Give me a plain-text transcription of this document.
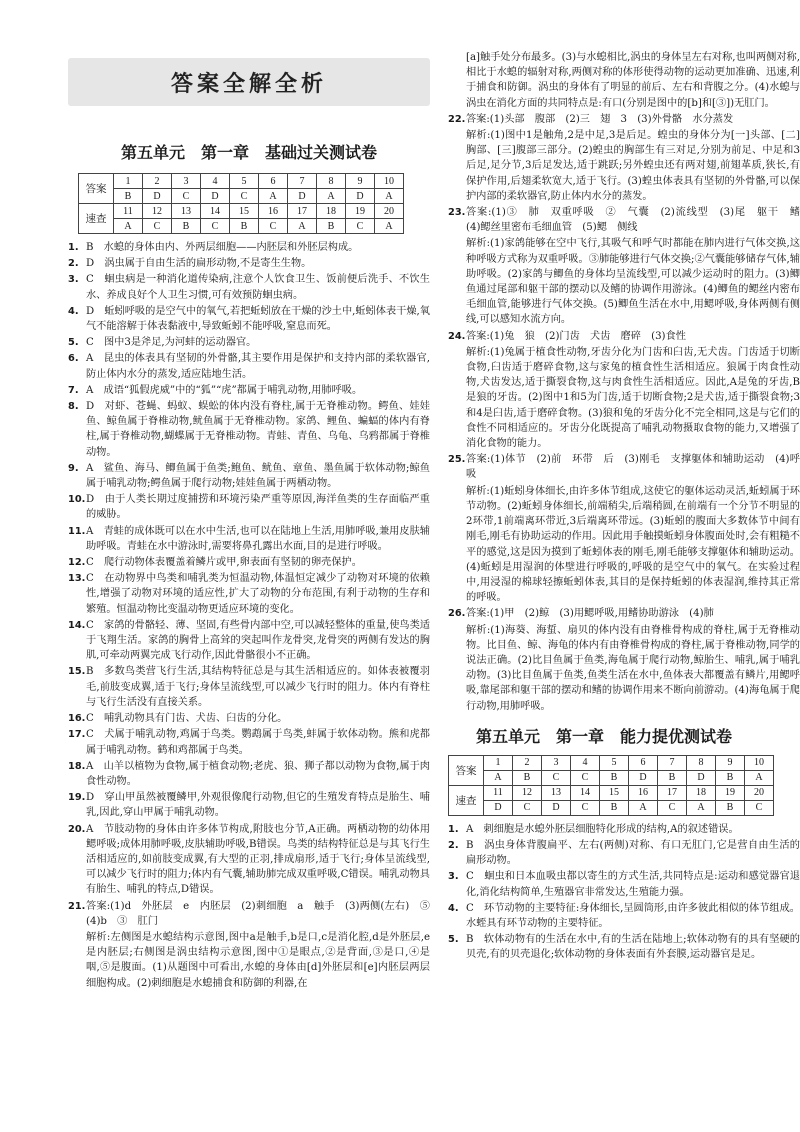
答案全解全析
第五单元　第一章　基础过关测试卷
答案	1	2	3	4	5	6	7	8	9	10
	B	D	C	D	C	A	D	A	D	A
速查	11	12	13	14	15	16	17	18	19	20
	A	C	B	C	B	C	A	B	C	A
1. B　水螅的身体由内、外两层细胞——内胚层和外胚层构成。
2. D　涡虫属于自由生活的扁形动物,不是寄生生物。
3. C　蛔虫病是一种消化道传染病,注意个人饮食卫生、饭前便后洗手、不饮生水、养成良好个人卫生习惯,可有效预防蛔虫病。
4. D　蚯蚓呼吸的是空气中的氧气,若把蚯蚓放在干燥的沙土中,蚯蚓体表干燥,氧气不能溶解于体表黏液中,导致蚯蚓不能呼吸,窒息而死。
5. C　图中3是斧足,为河蚌的运动器官。
6. A　昆虫的体表具有坚韧的外骨骼,其主要作用是保护和支持内部的柔软器官,防止体内水分的蒸发,适应陆地生活。
7. A　成语“狐假虎威”中的“狐”“虎”都属于哺乳动物,用肺呼吸。
8. D　对虾、苍蝇、蚂蚁、蜈蚣的体内没有脊柱,属于无脊椎动物。鳄鱼、娃娃鱼、鲸鱼属于脊椎动物,鱿鱼属于无脊椎动物。家鸽、鲤鱼、蝙蝠的体内有脊柱,属于脊椎动物,蝴蝶属于无脊椎动物。青蛙、青鱼、乌龟、乌鸦都属于脊椎动物。
9. A　鲨鱼、海马、鲫鱼属于鱼类;鲍鱼、鱿鱼、章鱼、墨鱼属于软体动物;鲸鱼属于哺乳动物;鳄鱼属于爬行动物;娃娃鱼属于两栖动物。
10. D　由于人类长期过度捕捞和环境污染严重等原因,海洋鱼类的生存面临严重的威胁。
11. A　青蛙的成体既可以在水中生活,也可以在陆地上生活,用肺呼吸,兼用皮肤辅助呼吸。青蛙在水中游泳时,需要将鼻孔露出水面,目的是进行呼吸。
12. C　爬行动物体表覆盖着鳞片或甲,卵表面有坚韧的卵壳保护。
13. C　在动物界中鸟类和哺乳类为恒温动物,体温恒定减少了动物对环境的依赖性,增强了动物对环境的适应性,扩大了动物的分布范围,有利于动物的生存和繁殖。恒温动物比变温动物更适应环境的变化。
14. C　家鸽的骨骼轻、薄、坚固,有些骨内部中空,可以减轻整体的重量,使鸟类适于飞翔生活。家鸽的胸骨上高耸的突起叫作龙骨突,龙骨突的两侧有发达的胸肌,可牵动两翼完成飞行动作,因此骨骼很小不正确。
15. B　多数鸟类营飞行生活,其结构特征总是与其生活相适应的。如体表被覆羽毛,前肢变成翼,适于飞行;身体呈流线型,可以减少飞行时的阻力。体内有脊柱与飞行生活没有直接关系。
16. C　哺乳动物具有门齿、犬齿、臼齿的分化。
17. C　犬属于哺乳动物,鸡属于鸟类。鹦鹉属于鸟类,蚌属于软体动物。熊和虎都属于哺乳动物。鹤和鸡都属于鸟类。
18. A　山羊以植物为食物,属于植食动物;老虎、狼、狮子都以动物为食物,属于肉食性动物。
19. D　穿山甲虽然被覆鳞甲,外观很像爬行动物,但它的生殖发育特点是胎生、哺乳,因此,穿山甲属于哺乳动物。
20. A　节肢动物的身体由许多体节构成,附肢也分节,A正确。两栖动物的幼体用鳃呼吸;成体用肺呼吸,皮肤辅助呼吸,B错误。鸟类的结构特征总是与其飞行生活相适应的,如前肢变成翼,有大型的正羽,排成扇形,适于飞行;身体呈流线型,可以减少飞行时的阻力;体内有气囊,辅助肺完成双重呼吸,C错误。哺乳动物具有胎生、哺乳的特点,D错误。
21. 答案:(1)d　外胚层　e　内胚层　(2)刺细胞　a　触手　(3)两侧(左右)　⑤　(4)b　③　肛门
解析:左侧图是水螅结构示意图,图中a是触手,b是口,c是消化腔,d是外胚层,e是内胚层;右侧图是涡虫结构示意图,图中①是眼点,②是背面,③是口,④是咽,⑤是腹面。(1)从题图中可看出,水螅的身体由[d]外胚层和[e]内胚层两层细胞构成。(2)刺细胞是水螅捕食和防御的利器,在
[a]触手处分布最多。(3)与水螅相比,涡虫的身体呈左右对称,也叫两侧对称,相比于水螅的辐射对称,两侧对称的体形使得动物的运动更加准确、迅速,利于捕食和防御。涡虫的身体有了明显的前后、左右和背腹之分。(4)水螅与涡虫在消化方面的共同特点是:有口(分别是图中的[b]和[③])无肛门。
22. 答案:(1)头部　腹部　(2)三　翅　3　(3)外骨骼　水分蒸发
解析:(1)图中1是触角,2是中足,3是后足。蝗虫的身体分为[一]头部、[二]胸部、[三]腹部三部分。(2)蝗虫的胸部生有三对足,分别为前足、中足和3后足,足分节,3后足发达,适于跳跃;另外蝗虫还有两对翅,前翅革质,狭长,有保护作用,后翅柔软宽大,适于飞行。(3)蝗虫体表具有坚韧的外骨骼,可以保护内部的柔软器官,防止体内水分的蒸发。
23. 答案:(1)③　肺　双重呼吸　②　气囊　(2)流线型　(3)尾　躯干　鳍　(4)鳃丝里密布毛细血管　(5)鳃　侧线
解析:(1)家鸽能够在空中飞行,其吸气和呼气时都能在肺内进行气体交换,这种呼吸方式称为双重呼吸。③肺能够进行气体交换;②气囊能够储存气体,辅助呼吸。(2)家鸽与鲫鱼的身体均呈流线型,可以减少运动时的阻力。(3)鲫鱼通过尾部和躯干部的摆动以及鳍的协调作用游泳。(4)鲫鱼的鳃丝内密布毛细血管,能够进行气体交换。(5)鲫鱼生活在水中,用鳃呼吸,身体两侧有侧线,可以感知水流方向。
24. 答案:(1)兔　狼　(2)门齿　犬齿　磨碎　(3)食性
解析:(1)兔属于植食性动物,牙齿分化为门齿和臼齿,无犬齿。门齿适于切断食物,臼齿适于磨碎食物,这与家兔的植食性生活相适应。狼属于肉食性动物,犬齿发达,适于撕裂食物,这与肉食性生活相适应。因此,A是兔的牙齿,B是狼的牙齿。(2)图中1和5为门齿,适于切断食物;2是犬齿,适于撕裂食物;3和4是臼齿,适于磨碎食物。(3)狼和兔的牙齿分化不完全相同,这是与它们的食性不同相适应的。牙齿分化既提高了哺乳动物摄取食物的能力,又增强了消化食物的能力。
25. 答案:(1)体节　(2)前　环带　后　(3)刚毛　支撑躯体和辅助运动　(4)呼吸
解析:(1)蚯蚓身体细长,由许多体节组成,这使它的躯体运动灵活,蚯蚓属于环节动物。(2)蚯蚓身体细长,前端稍尖,后端稍圆,在前端有一个分节不明显的2环带,1前端离环带近,3后端离环带远。(3)蚯蚓的腹面大多数体节中间有刚毛,刚毛有协助运动的作用。因此用手触摸蚯蚓身体腹面处时,会有粗糙不平的感觉,这是因为摸到了蚯蚓体表的刚毛,刚毛能够支撑躯体和辅助运动。(4)蚯蚓是用湿润的体壁进行呼吸的,呼吸的是空气中的氧气。在实验过程中,用浸湿的棉球轻擦蚯蚓体表,其目的是保持蚯蚓的体表湿润,维持其正常的呼吸。
26. 答案:(1)甲　(2)鲸　(3)用鳃呼吸,用鳍协助游泳　(4)肺
解析:(1)海葵、海蜇、扇贝的体内没有由脊椎骨构成的脊柱,属于无脊椎动物。比目鱼、鲸、海龟的体内有由脊椎骨构成的脊柱,属于脊椎动物,同学的说法正确。(2)比目鱼属于鱼类,海龟属于爬行动物,鲸胎生、哺乳,属于哺乳动物。(3)比目鱼属于鱼类,鱼类生活在水中,鱼体表大都覆盖有鳞片,用鳃呼吸,靠尾部和躯干部的摆动和鳍的协调作用来不断向前游动。(4)海龟属于爬行动物,用肺呼吸。
第五单元　第一章　能力提优测试卷
答案	1	2	3	4	5	6	7	8	9	10
	A	B	C	C	B	D	B	D	B	A
速查	11	12	13	14	15	16	17	18	19	20
	D	C	D	C	B	A	C	A	B	C
1. A　刺细胞是水螅外胚层细胞特化形成的结构,A的叙述错误。
2. B　涡虫身体背腹扁平、左右(两侧)对称、有口无肛门,它是营自由生活的扁形动物。
3. C　蛔虫和日本血吸虫都以寄生的方式生活,共同特点是:运动和感觉器官退化,消化结构简单,生殖器官非常发达,生殖能力强。
4. C　环节动物的主要特征:身体细长,呈圆筒形,由许多彼此相似的体节组成。水蛭具有环节动物的主要特征。
5. B　软体动物有的生活在水中,有的生活在陆地上;软体动物有的具有坚硬的贝壳,有的贝壳退化;软体动物的身体表面有外套膜,运动器官是足。
